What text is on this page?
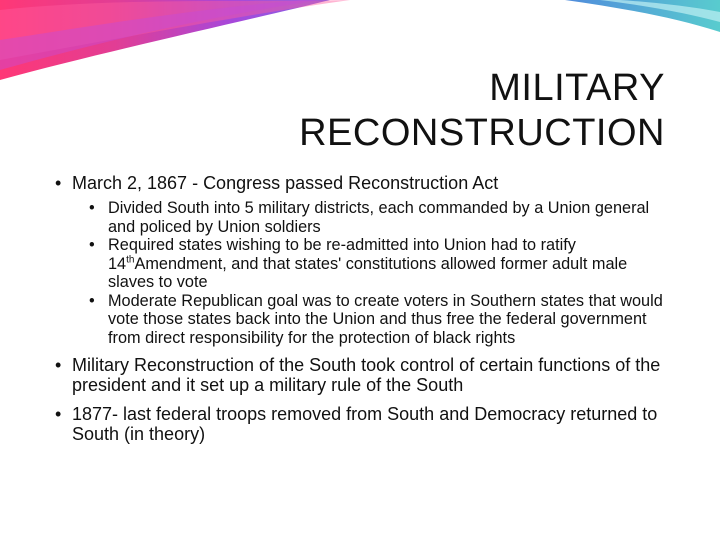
MILITARY
RECONSTRUCTION
• March 2, 1867 - Congress passed Reconstruction Act
• Divided South into 5 military districts, each commanded by a Union general and policed by Union soldiers
• Required states wishing to be re-admitted into Union had to ratify 14thAmendment, and that states' constitutions allowed former adult male slaves to vote
• Moderate Republican goal was to create voters in Southern states that would vote those states back into the Union and thus free the federal government from direct responsibility for the protection of black rights
• Military Reconstruction of the South took control of certain functions of the president and it set up a military rule of the South
• 1877- last federal troops removed from South and Democracy returned to South (in theory)
